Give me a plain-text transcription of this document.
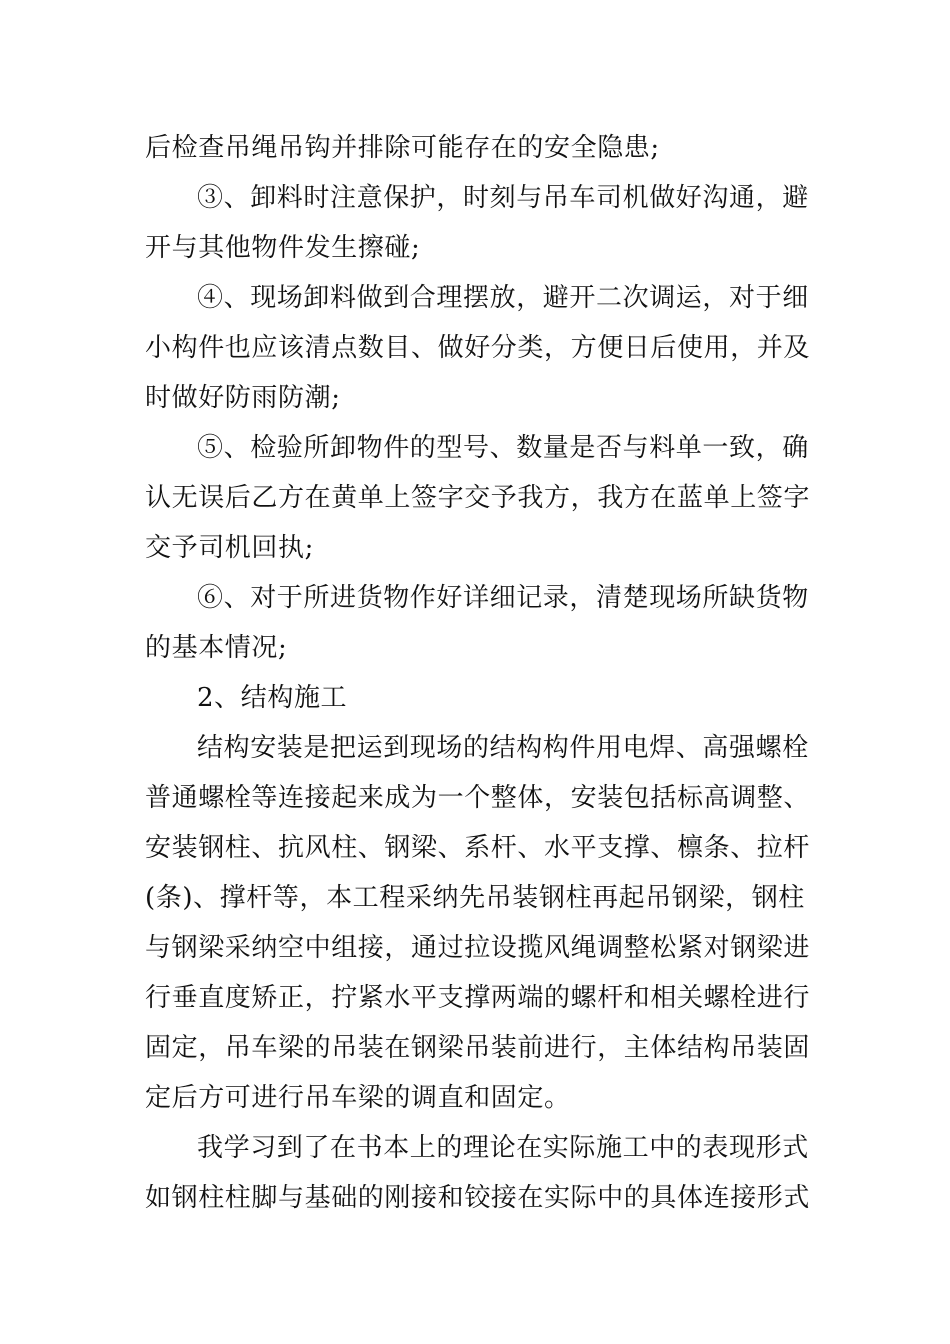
后检查吊绳吊钩并排除可能存在的安全隐患;
③、卸料时注意保护，时刻与吊车司机做好沟通，避
开与其他物件发生擦碰;
④、现场卸料做到合理摆放，避开二次调运，对于细
小构件也应该清点数目、做好分类，方便日后使用，并及
时做好防雨防潮;
⑤、检验所卸物件的型号、数量是否与料单一致，确
认无误后乙方在黄单上签字交予我方，我方在蓝单上签字
交予司机回执;
⑥、对于所进货物作好详细记录，清楚现场所缺货物
的基本情况;
2、结构施工
结构安装是把运到现场的结构构件用电焊、高强螺栓
普通螺栓等连接起来成为一个整体，安装包括标高调整、
安装钢柱、抗风柱、钢梁、系杆、水平支撑、檩条、拉杆
(条)、撑杆等，本工程采纳先吊装钢柱再起吊钢梁，钢柱
与钢梁采纳空中组接，通过拉设揽风绳调整松紧对钢梁进
行垂直度矫正，拧紧水平支撑两端的螺杆和相关螺栓进行
固定，吊车梁的吊装在钢梁吊装前进行，主体结构吊装固
定后方可进行吊车梁的调直和固定。
我学习到了在书本上的理论在实际施工中的表现形式
如钢柱柱脚与基础的刚接和铰接在实际中的具体连接形式
